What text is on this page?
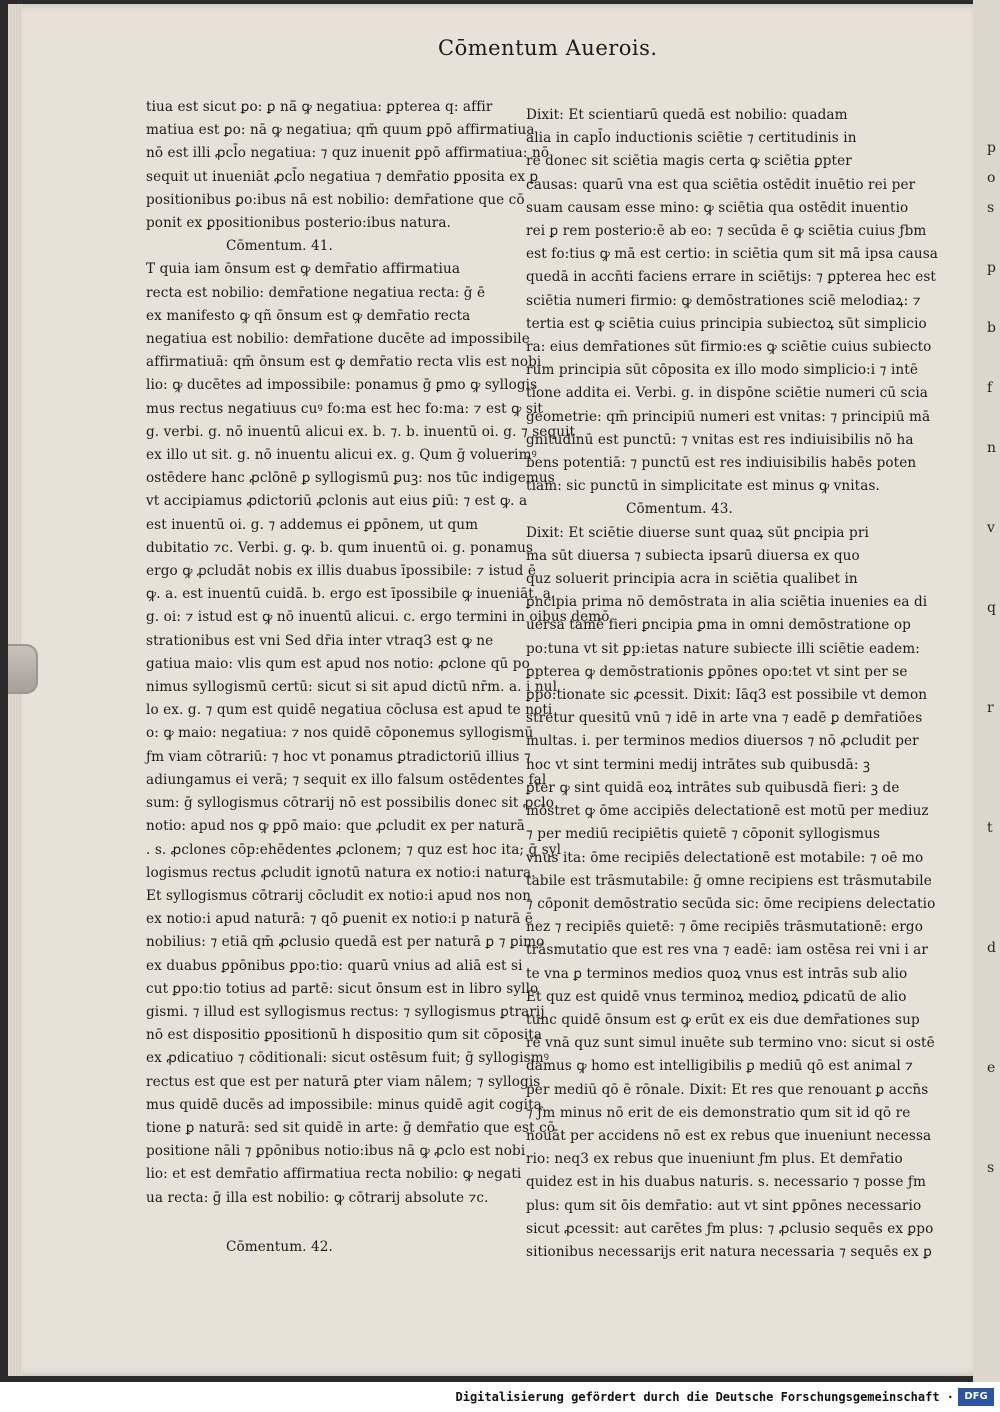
Cōmentum Auerois.

tiua est sicut ꝑo: ꝑ nā̄ ꝙ negatiua: ꝑpterea q: affir

matiua est ꝑo: nā ꝙ negatiua; qm̄ quum ꝑpō affirmatiua

nō est illi ꝓcl̄o negatiua: ⁊ quz inuenit ꝑpō affirmatiua: nō

sequit ut inueniāt ꝓcl̄o negatiua ⁊ demr̄atio ꝑposita ex ꝑ

positionibus ꝑo:ibus nā est nobilio: demr̄atione que cō

ponit ex ꝑpositionibus posterio:ibus natura.

Cōmentum. 41.

T quia iam ōnsum est ꝙ demr̄atio affirmatiua

recta est nobilio: demr̄atione negatiua recta: ḡ ē

ex manifesto ꝙ qñ ōnsum est ꝙ demr̄atio recta

negatiua est nobilio: demr̄atione ducēte ad impossibile

affirmatiuā: qm̄ ōnsum est ꝙ demr̄atio recta vlis est nobi

lio: ꝙ ducētes ad impossibile: ponamus ḡ ꝑmo ꝙ syllogis

mus rectus negatiuus cuꝰ fo:ma est hec fo:ma: ⁊ est ꝙ sit

g. verbi. g. nō inuentū alicui ex. b. ⁊. b. inuentū oi. g. ⁊ sequit

ex illo ut sit. g. nō inuentu alicui ex. g. Qum ḡ voluerimꝰ

ostēdere hanc ꝓclōnē ꝑ syllogismū ꝑuꝫ: nos tūc indigemus

vt accipiamus ꝓdictoriū ꝓclonis aut eius ꝑiū: ⁊ est ꝙ. a

est inuentū oi. g. ⁊ addemus ei ꝑpōnem, ut qum

dubitatio ⁊c. Verbi. g. ꝙ. b. qum inuentū oi. g. ponamus

ergo ꝙ ꝓcludāt nobis ex illis duabus īpossibile: ⁊ istud ē

ꝙ. a. est inuentū cuidā. b. ergo est īpossibile ꝙ inueniāt. a.

g. oi: ⁊ istud est ꝙ nō inuentū alicui. c. ergo termini in oibus demō

strationibus est vni Sed dr̄ia inter vtraq3 est ꝙ ne

gatiua maio: vlis qum est apud nos notio: ꝓclone qū po

nimus syllogismū certū: sicut si sit apud dictū nr̄m. a. i nul

lo ex. g. ⁊ qum est quidē negatiua cōclusa est apud te noti

o: ꝙ maio: negatiua: ⁊ nos quidē cōponemus syllogismū

ƒm viam cōtrariū: ⁊ hoc vt ponamus ꝑtradictoriū illius ⁊

adiungamus ei verā; ⁊ sequit ex illo falsum ostēdentes fal

sum: ḡ syllogismus cōtrarij nō est possibilis donec sit ꝓclo

notio: apud nos ꝙ ꝑpō maio: que ꝓcludit ex per naturā

. s. ꝓclones cōp:ehēdentes ꝓclonem; ⁊ quz est hoc ita; ḡ syl

logismus rectus ꝓcludit ignotū natura ex notio:i natura.

Et syllogismus cōtrarij cōcludit ex notio:i apud nos non

ex notio:i apud naturā: ⁊ qō ꝑuenit ex notio:i p naturā ē

nobilius: ⁊ etiā qm̄ ꝓclusio quedā est per naturā ꝑ ⁊ ꝑimo

ex duabus ꝑpōnibus ꝑpo:tio: quarū vnius ad aliā est si

cut ꝑpo:tio totius ad partē: sicut ōnsum est in libro syllo

gismi. ⁊ illud est syllogismus rectus: ⁊ syllogismus ꝑtrarij

nō est dispositio ꝑpositionū h dispositio qum sit cōposita

ex ꝓdicatiuo ⁊ cōditionali: sicut ostēsum fuit; ḡ syllogismꝰ

rectus est que est per naturā ꝑter viam nālem; ⁊ syllogis

mus quidē ducēs ad impossibile: minus quidē agit cogita

tione ꝑ naturā: sed sit quidē in arte: ḡ demr̄atio que est cō

positione nāli ⁊ ꝑpōnibus notio:ibus nā ꝙ ꝓclo est nobi

lio: et est demr̄atio affirmatiua recta nobilio: ꝙ negati

ua recta: ḡ illa est nobilio: ꝙ cōtrarij absolute ⁊c.

Cōmentum. 42.

Dixit: Et scientiarū quedā est nobilio: quadam

alia in capl̄o inductionis sciētie ⁊ certitudinis in

re donec sit sciētia magis certa ꝙ sciētia ꝑpter

causas: quarū vna est qua sciētia ostēdit inuētio rei per

suam causam esse mino: ꝙ sciētia qua ostēdit inuentio

rei ꝑ rem posterio:ē ab eo: ⁊ secūda ē ꝙ sciētia cuius ƒbm

est fo:tius ꝙ mā est certio: in sciētia qum sit mā ipsa causa

quedā in accn̄ti faciens errare in sciētijs: ⁊ ꝑpterea hec est

sciētia numeri firmio: ꝙ demōstrationes sciē melodiaꝝ: ⁊

tertia est ꝙ sciētia cuius principia subiectoꝝ sūt simplicio

ra: eius demr̄ationes sūt firmio:es ꝙ sciētie cuius subiecto

rum principia sūt cōposita ex illo modo simplicio:i ⁊ intē

tione addita ei. Verbi. g. in dispōne sciētie numeri cū scia

geometrie: qm̄ principiū numeri est vnitas: ⁊ principiū mā

gnitudinū est punctū: ⁊ vnitas est res indiuisibilis nō ha

bens potentiā: ⁊ punctū est res indiuisibilis habēs poten

tiam: sic punctū in simplicitate est minus ꝙ vnitas.

Cōmentum. 43.

Dixit: Et sciētie diuerse sunt quaꝝ sūt ꝑncipia pri

ma sūt diuersa ⁊ subiecta ipsarū diuersa ex quo

quz soluerit principia acra in sciētia qualibet in

ꝑncipia prima nō demōstrata in alia sciētia inuenies ea di

uersa tamē fieri ꝑncipia ꝑma in omni demōstratione op

po:tuna vt sit ꝑp:ietas nature subiecte illi sciētie eadem:

ꝑpterea ꝙ demōstrationis ꝑpōnes opo:tet vt sint per se

ꝑpo:tionate sic ꝓcessit. Dixit: Iāq3 est possibile vt demon

stretur quesitū vnū ⁊ idē in arte vna ⁊ eadē ꝑ demr̄atiōes

multas. i. per terminos medios diuersos ⁊ nō ꝓcludit per

hoc vt sint termini medij intrātes sub quibusdā: ꝫ

ꝑter ꝙ sint quidā eoꝝ intrātes sub quibusdā fieri: ꝫ de

mōstret ꝙ ōme accipiēs delectationē est motū per mediuz

⁊ per mediū recipiētis quietē ⁊ cōponit syllogismus

vnus ita: ōme recipiēs delectationē est motabile: ⁊ oē mo

tabile est trāsmutabile: ḡ omne recipiens est trāsmutabile

⁊ cōponit demōstratio secūda sic: ōme recipiens delectatio

nez ⁊ recipiēs quietē: ⁊ ōme recipiēs trāsmutationē: ergo

trāsmutatio que est res vna ⁊ eadē: iam ostēsa rei vni i ar

te vna ꝑ terminos medios quoꝝ vnus est intrās sub alio

Et quz est quidē vnus terminoꝝ medioꝝ ꝑdicatū de alio

tunc quidē ōnsum est ꝙ erūt ex eis due demr̄ationes sup

rē vnā quz sunt simul inuēte sub termino vno: sicut si ostē

damus ꝙ homo est intelligibilis ꝑ mediū qō est animal ⁊

per mediū qō ē rōnale. Dixit: Et res que renouant ꝑ accn̄s

⁊ ƒm minus nō erit de eis demonstratio qum sit id qō re

nouāt per accidens nō est ex rebus que inueniunt necessa

rio: neq3 ex rebus que inueniunt ƒm plus. Et demr̄atio

quidez est in his duabus naturis. s. necessario ⁊ posse ƒm

plus: qum sit ōis demr̄atio: aut vt sint ꝑpōnes necessario

sicut ꝓcessit: aut carētes ƒm plus: ⁊ ꝓclusio sequēs ex ꝑpo

sitionibus necessarijs erit natura necessaria ⁊ sequēs ex ꝑ

p
o
s
p
b
f
n
v
q
r
t
d
e
s
Digitalisierung gefördert durch die Deutsche Forschungsgemeinschaft ·	DFG
